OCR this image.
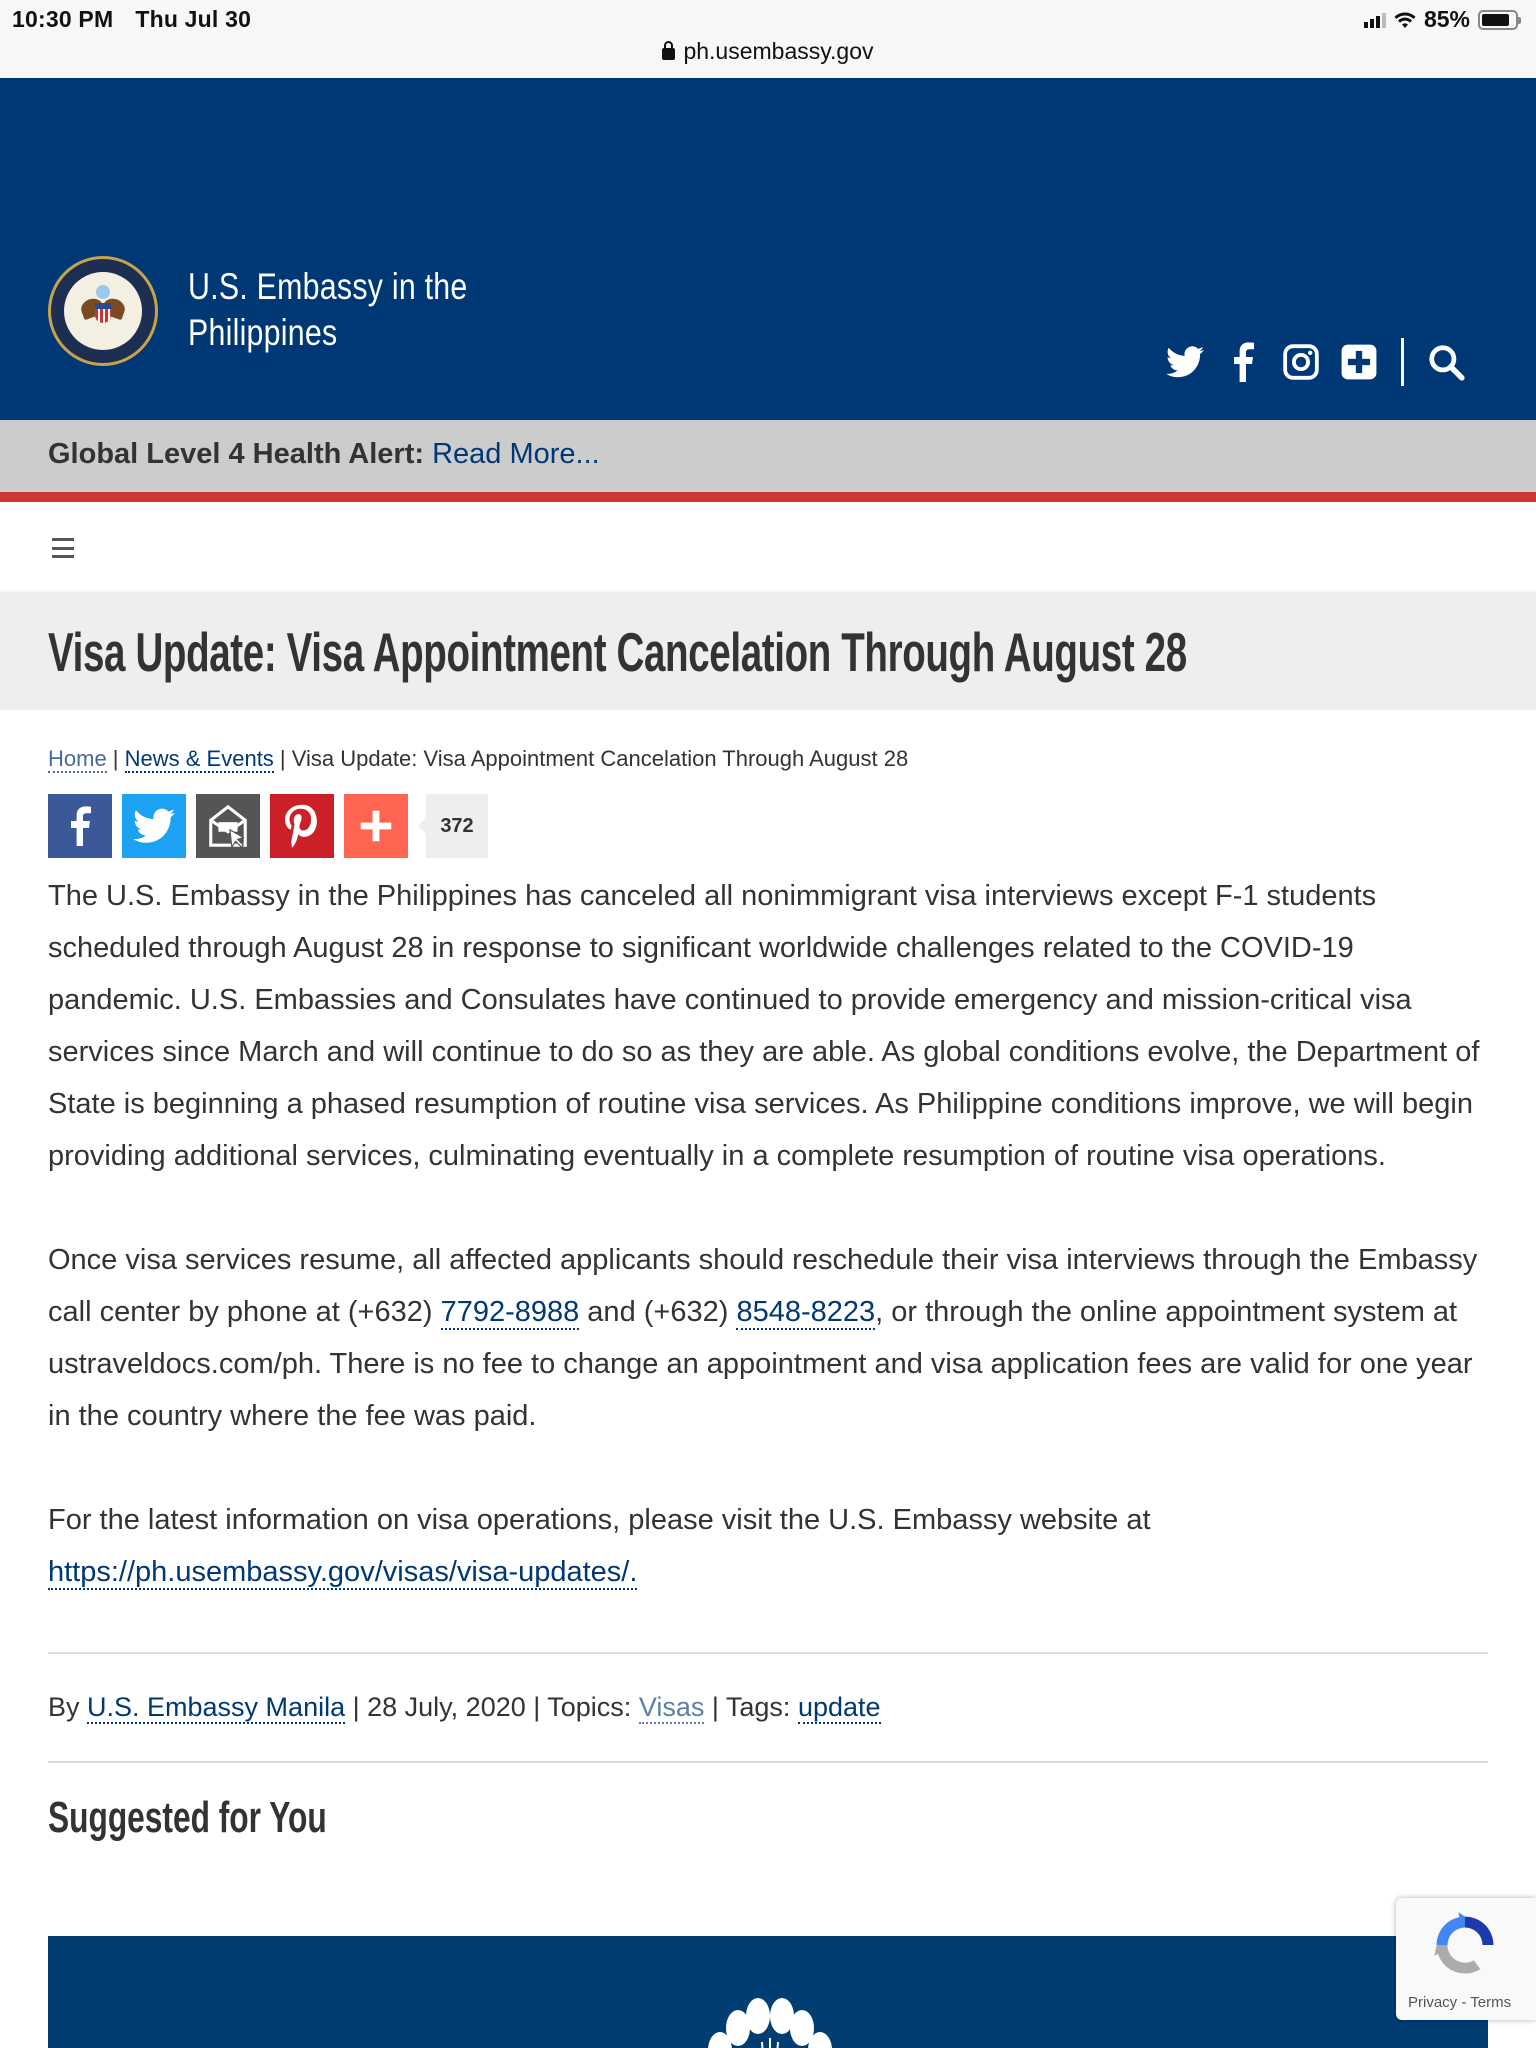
10:30 PM Thu Jul 30	85%
ph.usembassy.gov
U.S. Embassy in the
Philippines
Global Level 4 Health Alert: Read More...
Visa Update: Visa Appointment Cancelation Through August 28
Home | News & Events | Visa Update: Visa Appointment Cancelation Through August 28
372

The U.S. Embassy in the Philippines has canceled all nonimmigrant visa interviews except F-1 students scheduled through August 28 in response to significant worldwide challenges related to the COVID-19 pandemic. U.S. Embassies and Consulates have continued to provide emergency and mission-critical visa services since March and will continue to do so as they are able. As global conditions evolve, the Department of State is beginning a phased resumption of routine visa services. As Philippine conditions improve, we will begin providing additional services, culminating eventually in a complete resumption of routine visa operations.

Once visa services resume, all affected applicants should reschedule their visa interviews through the Embassy call center by phone at (+632) 7792-8988 and (+632) 8548-8223, or through the online appointment system at ustraveldocs.com/ph. There is no fee to change an appointment and visa application fees are valid for one year in the country where the fee was paid.

For the latest information on visa operations, please visit the U.S. Embassy website at https://ph.usembassy.gov/visas/visa-updates/.

By U.S. Embassy Manila | 28 July, 2020 | Topics: Visas | Tags: update
Suggested for You
Privacy - Terms
